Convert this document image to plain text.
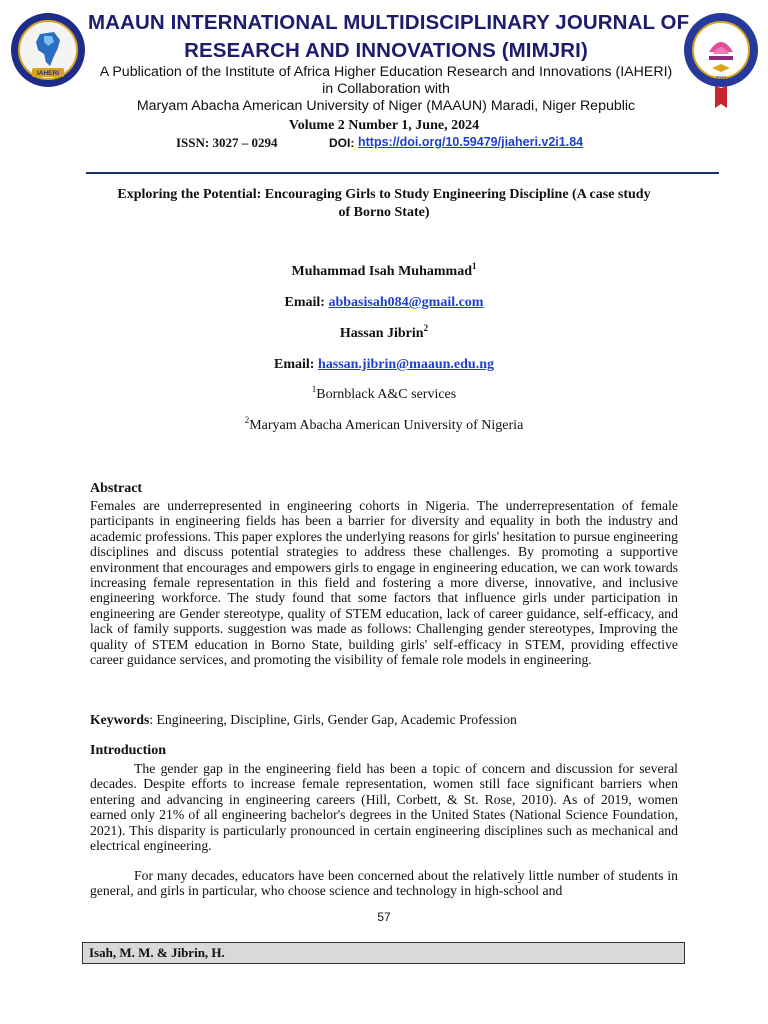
IAHERI
2021
MAAUN INTERNATIONAL MULTIDISCIPLINARY JOURNAL OF
RESEARCH AND INNOVATIONS (MIMJRI)
A Publication of the Institute of Africa Higher Education Research and Innovations (IAHERI)
in Collaboration with
Maryam Abacha American University of Niger (MAAUN) Maradi, Niger Republic
Volume 2 Number 1, June, 2024
ISSN: 3027 – 0294	DOI: https://doi.org/10.59479/jiaheri.v2i1.84
Exploring the Potential: Encouraging Girls to Study Engineering Discipline (A case study
of Borno State)
Muhammad Isah Muhammad$^1$
Email: abbasisah084@gmail.com
Hassan Jibrin$^2$
Email: hassan.jibrin@maaun.edu.ng
$^1$Bornblack A&C services
$^2$Maryam Abacha American University of Nigeria
Abstract
Females are underrepresented in engineering cohorts in Nigeria. The underrepresentation of female participants in engineering fields has been a barrier for diversity and equality in both the industry and academic professions. This paper explores the underlying reasons for girls' hesitation to pursue engineering disciplines and discuss potential strategies to address these challenges. By promoting a supportive environment that encourages and empowers girls to engage in engineering education, we can work towards increasing female representation in this field and fostering a more diverse, innovative, and inclusive engineering workforce. The study found that some factors that influence girls under participation in engineering are Gender stereotype, quality of STEM education, lack of career guidance, self-efficacy, and lack of family supports. suggestion was made as follows: Challenging gender stereotypes, Improving the quality of STEM education in Borno State, building girls' self-efficacy in STEM, providing effective career guidance services, and promoting the visibility of female role models in engineering.
Keywords: Engineering, Discipline, Girls, Gender Gap, Academic Profession
Introduction
The gender gap in the engineering field has been a topic of concern and discussion for several decades. Despite efforts to increase female representation, women still face significant barriers when entering and advancing in engineering careers (Hill, Corbett, & St. Rose, 2010). As of 2019, women earned only 21% of all engineering bachelor's degrees in the United States (National Science Foundation, 2021). This disparity is particularly pronounced in certain engineering disciplines such as mechanical and electrical engineering.
For many decades, educators have been concerned about the relatively little number of students in general, and girls in particular, who choose science and technology in high-school and
57
Isah, M. M. & Jibrin, H.
